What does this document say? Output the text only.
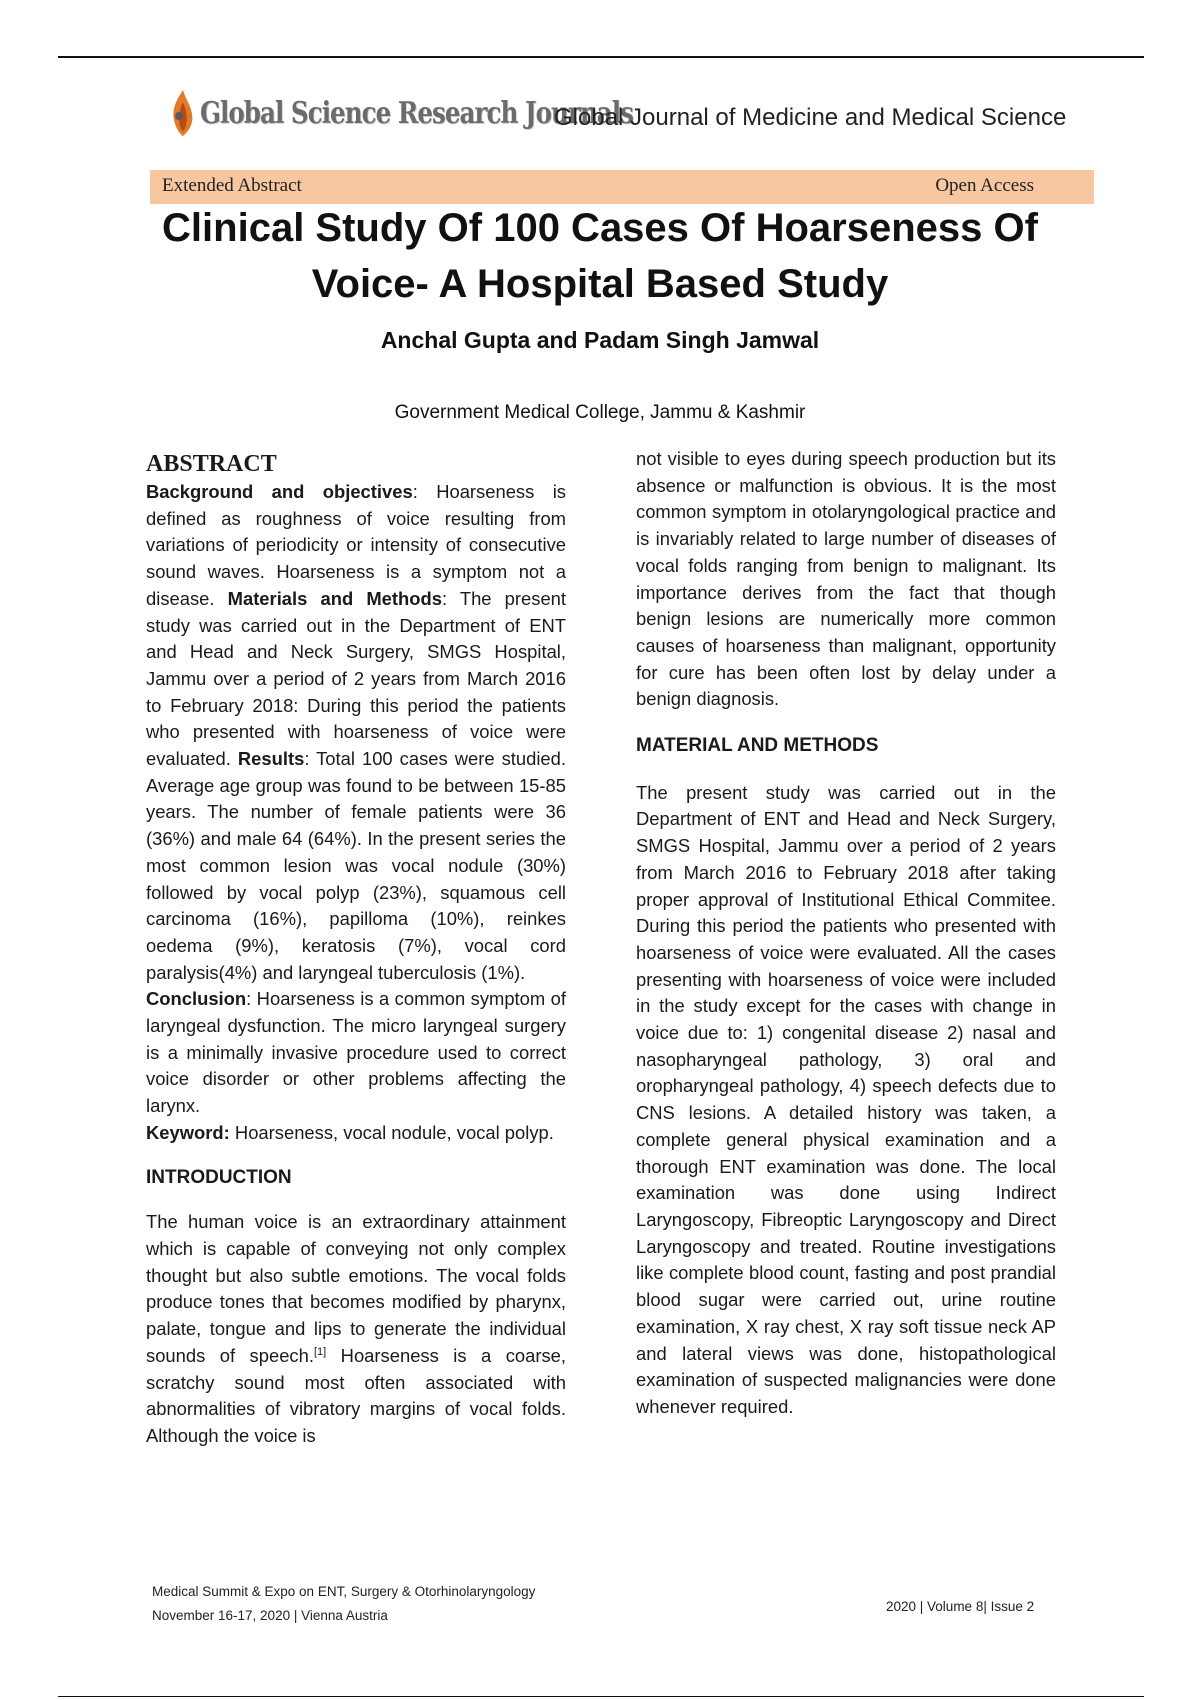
Global Science Research Journals
Global Journal of Medicine and Medical Science
Extended Abstract	Open Access
Clinical Study Of 100 Cases Of Hoarseness Of
Voice- A Hospital Based Study
Anchal Gupta and Padam Singh Jamwal
Government Medical College, Jammu & Kashmir
ABSTRACT

Background and objectives: Hoarseness is defined as roughness of voice resulting from variations of periodicity or intensity of consecutive sound waves. Hoarseness is a symptom not a disease. Materials and Methods: The present study was carried out in the Department of ENT and Head and Neck Surgery, SMGS Hospital, Jammu over a period of 2 years from March 2016 to February 2018: During this period the patients who presented with hoarseness of voice were evaluated. Results: Total 100 cases were studied. Average age group was found to be between 15-85 years. The number of female patients were 36 (36%) and male 64 (64%). In the present series the most common lesion was vocal nodule (30%) followed by vocal polyp (23%), squamous cell carcinoma (16%), papilloma (10%), reinkes oedema (9%), keratosis (7%), vocal cord paralysis(4%) and laryngeal tuberculosis (1%).

Conclusion: Hoarseness is a common symptom of laryngeal dysfunction. The micro laryngeal surgery is a minimally invasive procedure used to correct voice disorder or other problems affecting the larynx.

Keyword: Hoarseness, vocal nodule, vocal polyp.

INTRODUCTION

The human voice is an extraordinary attainment which is capable of conveying not only complex thought but also subtle emotions. The vocal folds produce tones that becomes modified by pharynx, palate, tongue and lips to generate the individual sounds of speech.[1] Hoarseness is a coarse, scratchy sound most often associated with abnormalities of vibratory margins of vocal folds. Although the voice is

not visible to eyes during speech production but its absence or malfunction is obvious. It is the most common symptom in otolaryngological practice and is invariably related to large number of diseases of vocal folds ranging from benign to malignant. Its importance derives from the fact that though benign lesions are numerically more common causes of hoarseness than malignant, opportunity for cure has been often lost by delay under a benign diagnosis.

MATERIAL AND METHODS

The present study was carried out in the Department of ENT and Head and Neck Surgery, SMGS Hospital, Jammu over a period of 2 years from March 2016 to February 2018 after taking proper approval of Institutional Ethical Commitee. During this period the patients who presented with hoarseness of voice were evaluated. All the cases presenting with hoarseness of voice were included in the study except for the cases with change in voice due to: 1) congenital disease 2) nasal and nasopharyngeal pathology, 3) oral and oropharyngeal pathology, 4) speech defects due to CNS lesions. A detailed history was taken, a complete general physical examination and a thorough ENT examination was done. The local examination was done using Indirect Laryngoscopy, Fibreoptic Laryngoscopy and Direct Laryngoscopy and treated. Routine investigations like complete blood count, fasting and post prandial blood sugar were carried out, urine routine examination, X ray chest, X ray soft tissue neck AP and lateral views was done, histopathological examination of suspected malignancies were done whenever required.

Medical Summit & Expo on ENT, Surgery & Otorhinolaryngology
November 16-17, 2020 | Vienna Austria
2020 | Volume 8| Issue 2
